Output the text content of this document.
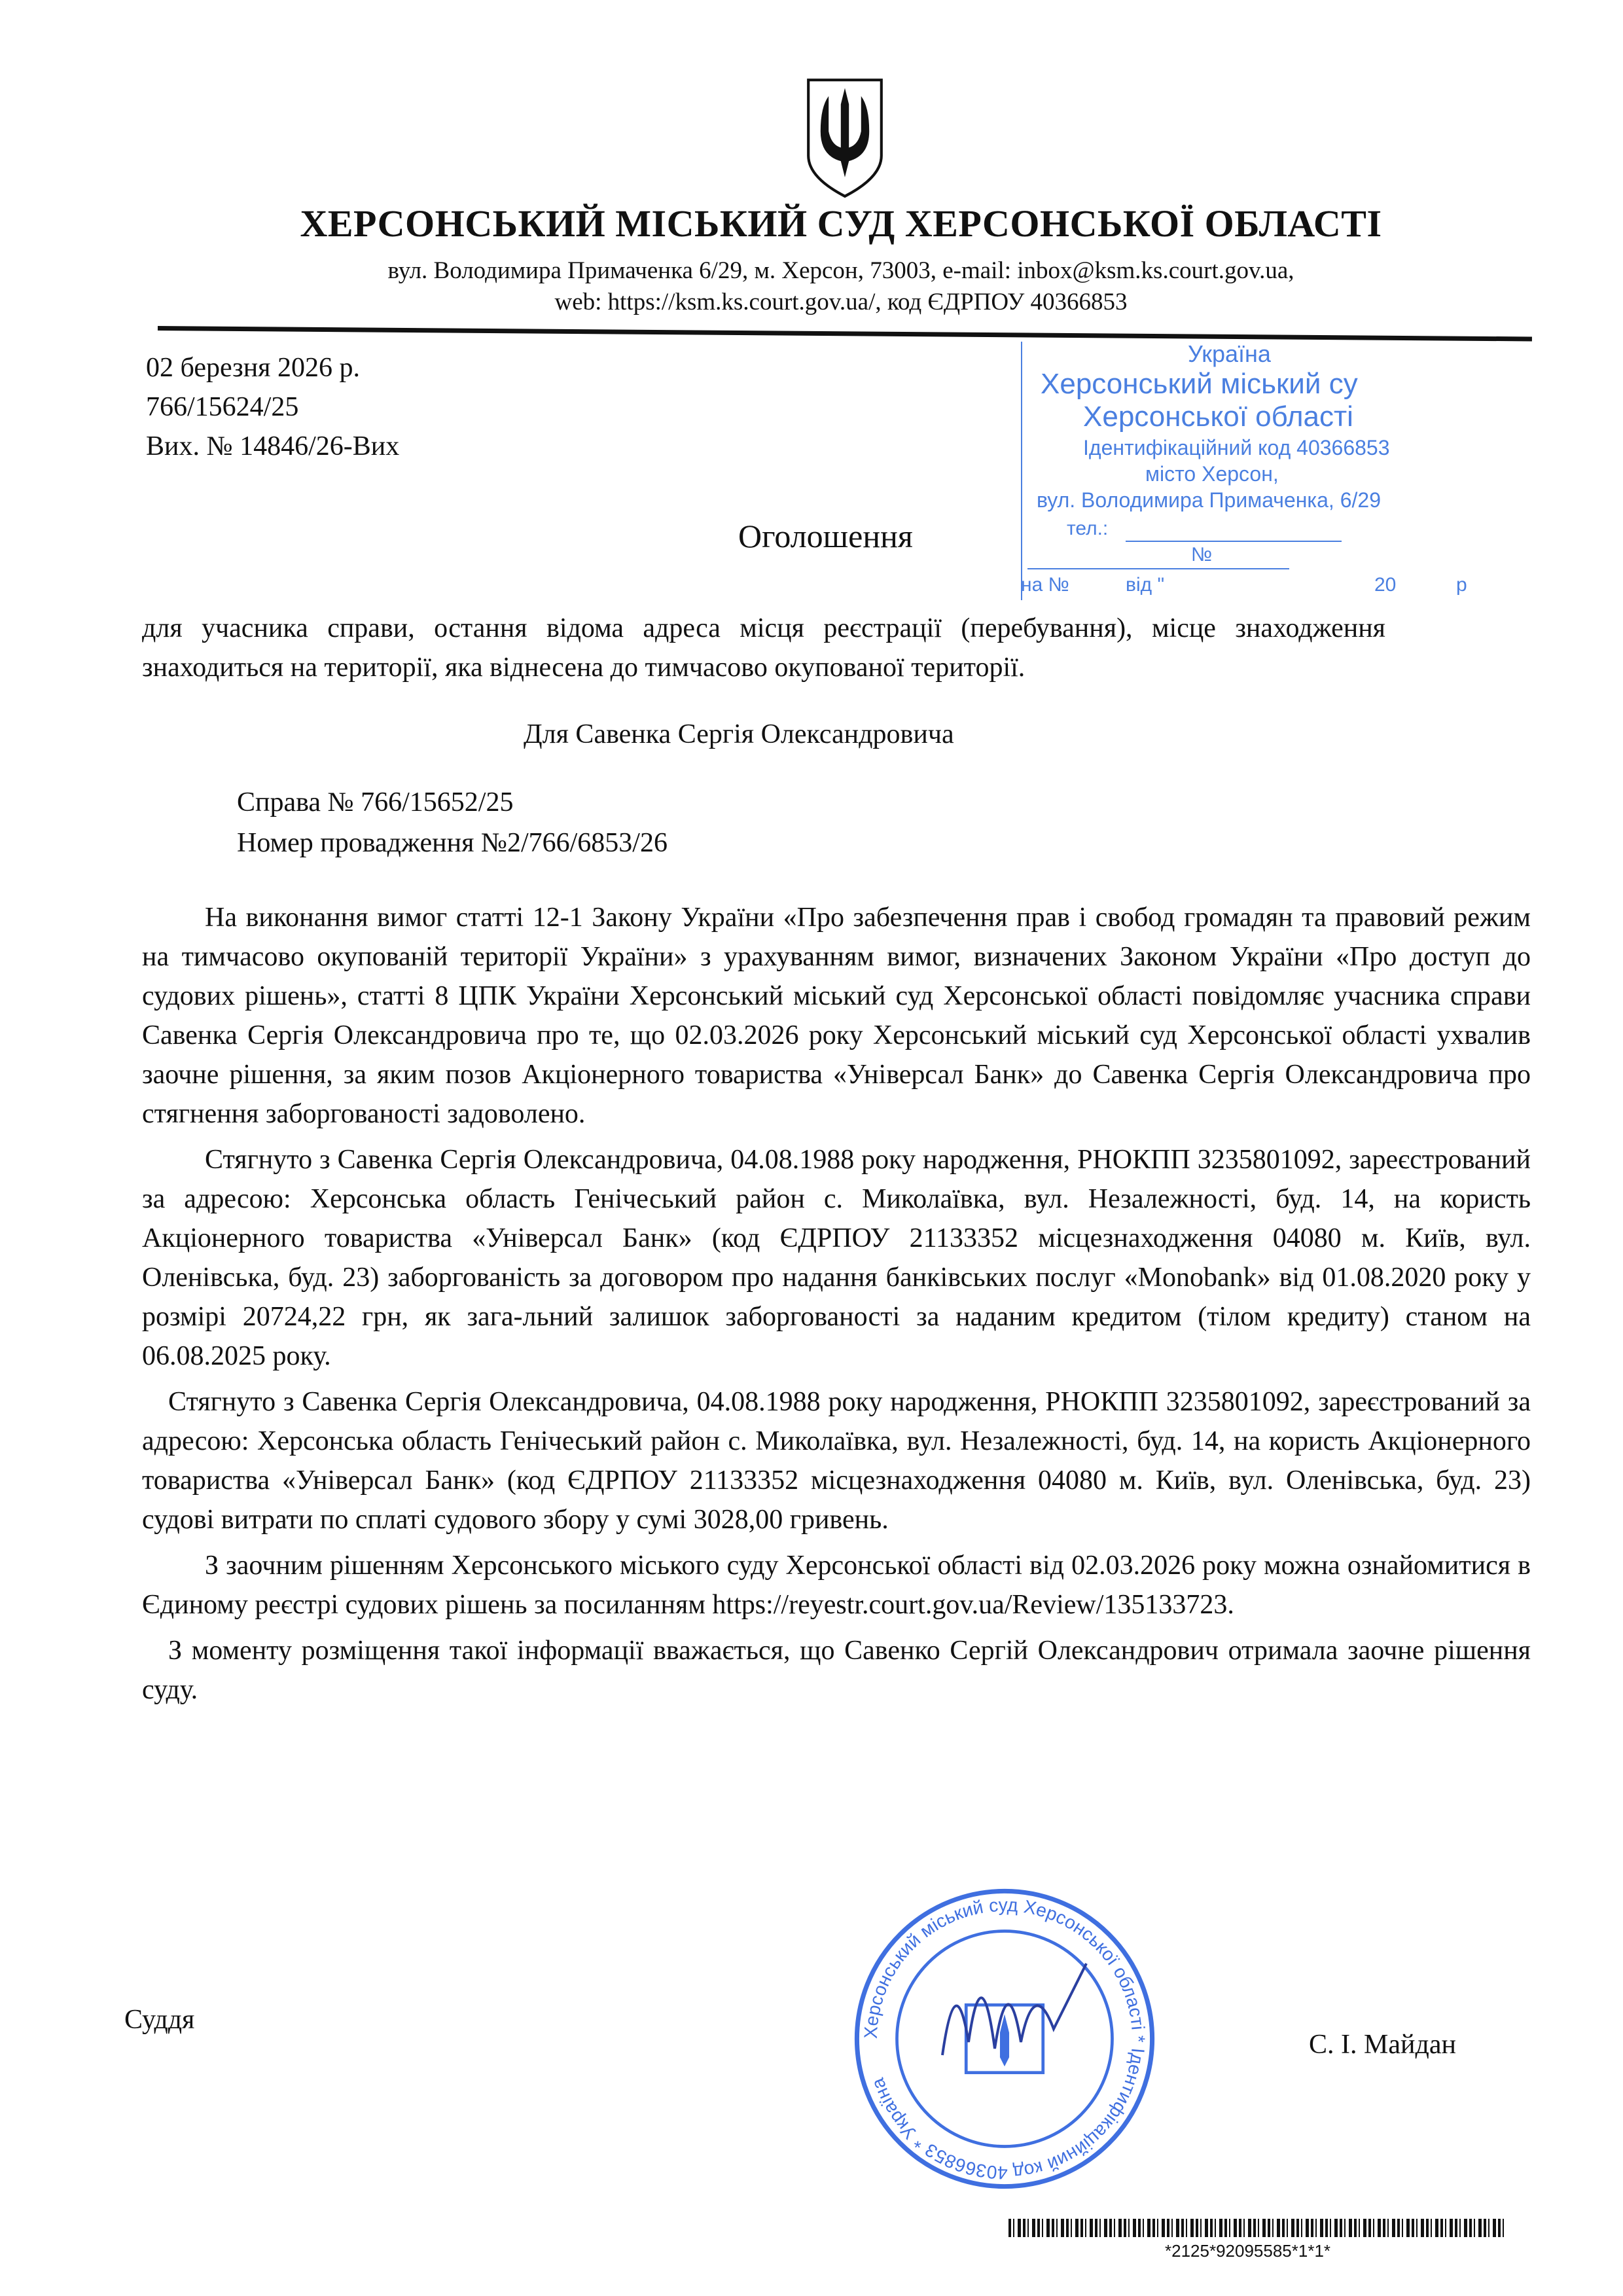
ХЕРСОНСЬКИЙ МІСЬКИЙ СУД ХЕРСОНСЬКОЇ ОБЛАСТІ
вул. Володимира Примаченка 6/29, м. Херсон, 73003, e-mail: inbox@ksm.ks.court.gov.ua,
web: https://ksm.ks.court.gov.ua/, код ЄДРПОУ 40366853
Україна
Херсонський міський су
Херсонської області
Ідентифікаційний код 40366853
місто Херсон,
вул. Володимира Примаченка, 6/29
тел.:
№
на №	від "	20	р
02 березня 2026 р.
766/15624/25
Вих. № 14846/26-Вих
Оголошення
для учасника справи, остання відома адреса місця реєстрації (перебування), місце знаходження знаходиться на території, яка віднесена до тимчасово окупованої території.
Для Савенка Сергія Олександровича
Справа № 766/15652/25
Номер провадження №2/766/6853/26

На виконання вимог статті 12-1 Закону України «Про забезпечення прав і свобод громадян та правовий режим на тимчасово окупованій території України» з урахуванням вимог, визначених Законом України «Про доступ до судових рішень», статті 8 ЦПК України Херсонський міський суд Херсонської області повідомляє учасника справи Савенка Сергія Олександровича про те, що 02.03.2026 року Херсонський міський суд Херсонської області ухвалив заочне рішення, за яким позов Акціонерного товариства «Універсал Банк» до Савенка Сергія Олександровича про стягнення заборгованості задоволено.

Стягнуто з Савенка Сергія Олександровича, 04.08.1988 року народження, РНОКПП 3235801092, зареєстрований за адресою: Херсонська область Генічеський район с. Миколаївка, вул. Незалежності, буд. 14, на користь Акціонерного товариства «Універсал Банк» (код ЄДРПОУ 21133352 місцезнаходження 04080 м. Київ, вул. Оленівська, буд. 23) заборгованість за договором про надання банківських послуг «Monobank» від 01.08.2020 року у розмірі 20724,22 грн, як зага-льний залишок заборгованості за наданим кредитом (тілом кредиту) станом на 06.08.2025 року.

Стягнуто з Савенка Сергія Олександровича, 04.08.1988 року народження, РНОКПП 3235801092, зареєстрований за адресою: Херсонська область Генічеський район с. Миколаївка, вул. Незалежності, буд. 14, на користь Акціонерного товариства «Універсал Банк» (код ЄДРПОУ 21133352 місцезнаходження 04080 м. Київ, вул. Оленівська, буд. 23) судові витрати по сплаті судового збору у сумі 3028,00 гривень.

З заочним рішенням Херсонського міського суду Херсонської області від 02.03.2026 року можна ознайомитися в Єдиному реєстрі судових рішень за посиланням https://reyestr.court.gov.ua/Review/135133723.

З моменту розміщення такої інформації вважається, що Савенко Сергій Олександрович отримала заочне рішення суду.

Херсонський міський суд Херсонської області * Ідентифікаційний код 40366853 * Україна
Суддя
С. І. Майдан
*2125*92095585*1*1*
